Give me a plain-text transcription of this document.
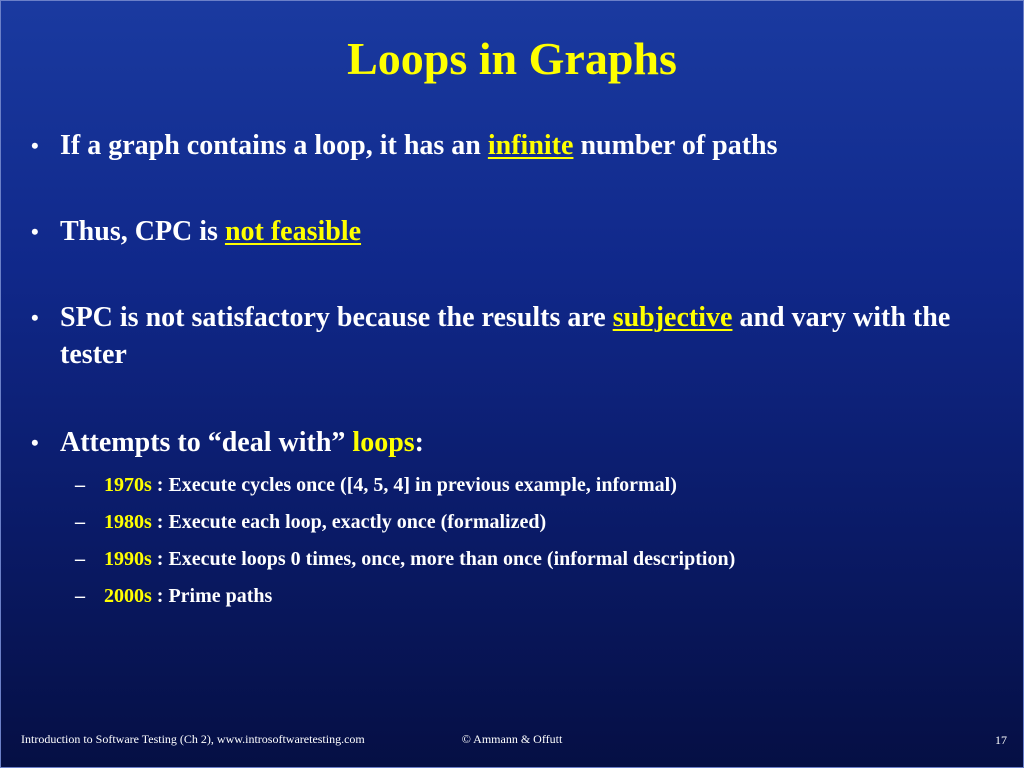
Loops in Graphs

• If a graph contains a loop, it has an infinite number of paths

• Thus, CPC is not feasible

• SPC is not satisfactory because the results are subjective and vary with the tester

• Attempts to “deal with” loops:

– 1970s : Execute cycles once ([4, 5, 4] in previous example, informal)

– 1980s : Execute each loop, exactly once (formalized)

– 1990s : Execute loops 0 times, once, more than once (informal description)

– 2000s : Prime paths

© Ammann & Offutt
Introduction to Software Testing (Ch 2), www.introsoftwaretesting.com	17
